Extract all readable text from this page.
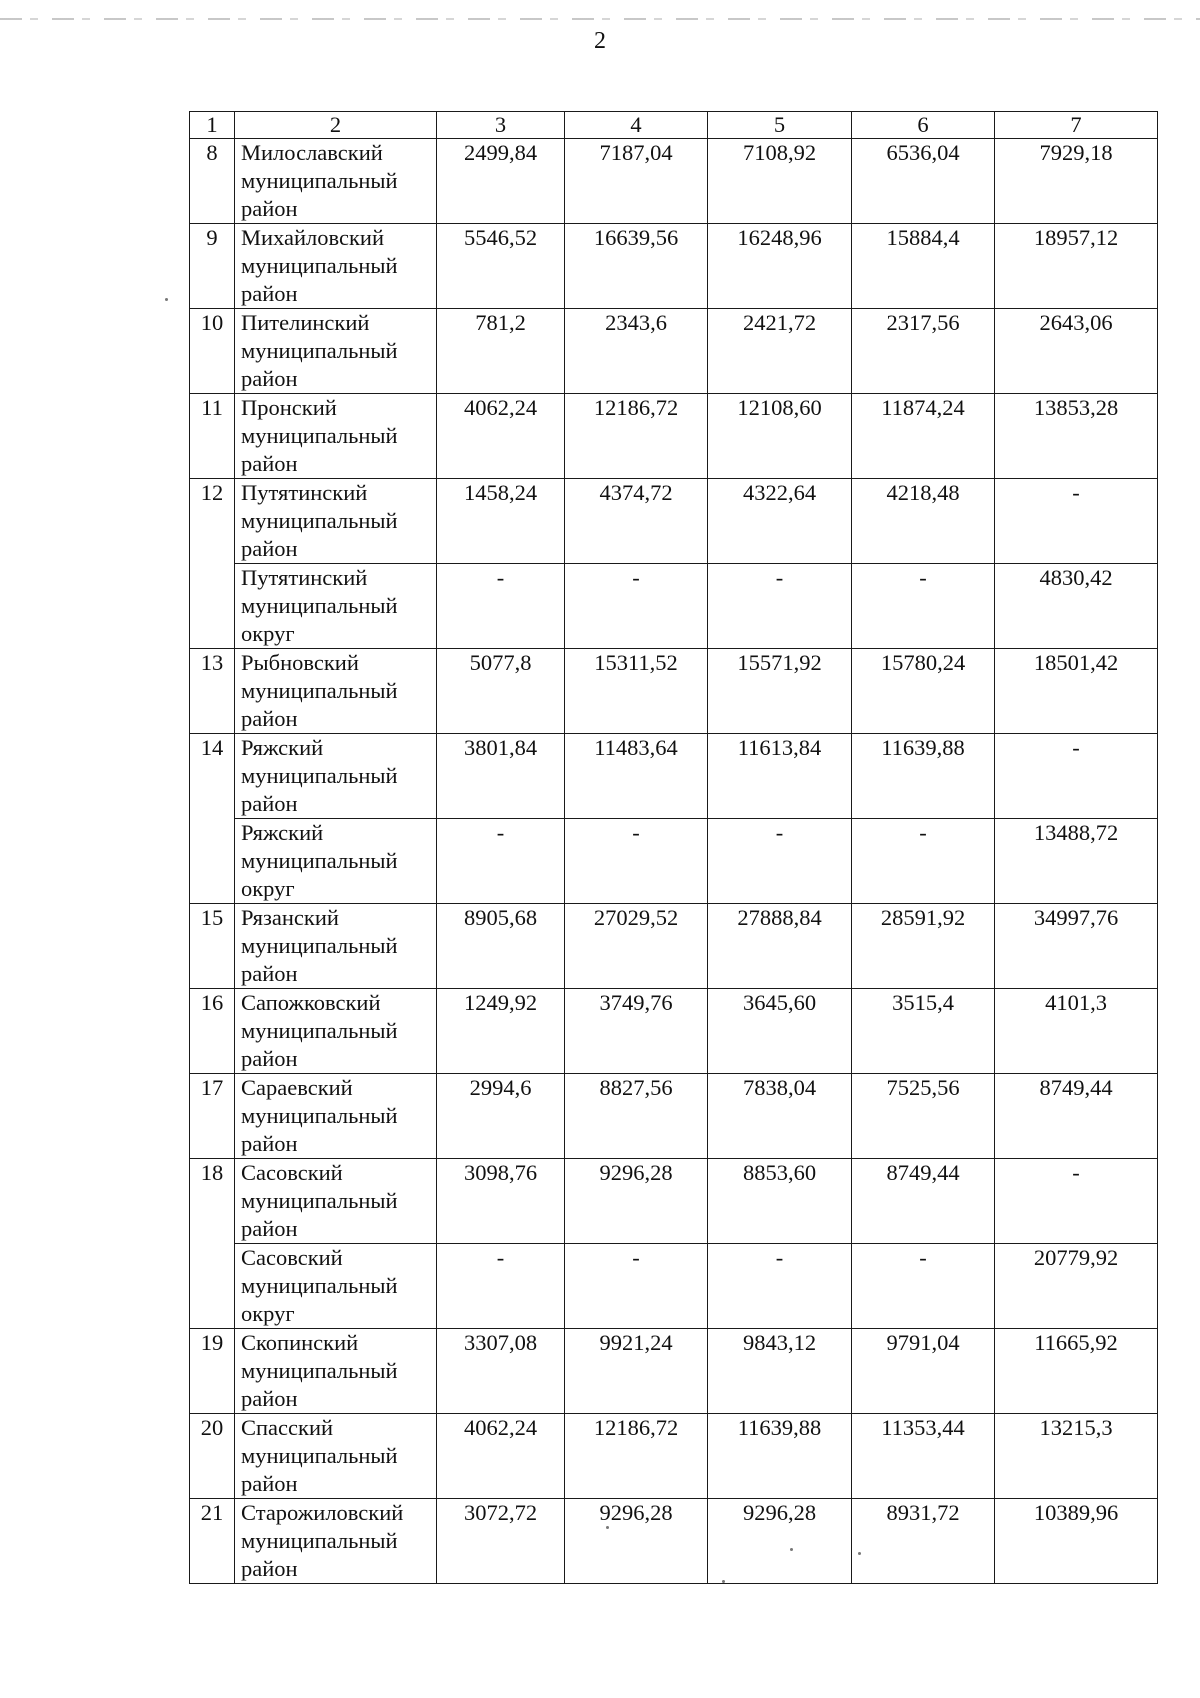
2
1	2	3	4	5	6	7
8	Милославский
муниципальный
район	2499,84	7187,04	7108,92	6536,04	7929,18
9	Михайловский
муниципальный
район	5546,52	16639,56	16248,96	15884,4	18957,12
10	Пителинский
муниципальный
район	781,2	2343,6	2421,72	2317,56	2643,06
11	Пронский
муниципальный
район	4062,24	12186,72	12108,60	11874,24	13853,28
12	Путятинский
муниципальный
район	1458,24	4374,72	4322,64	4218,48	-

	Путятинский
муниципальный
округ	-	-	-	-	4830,42
13	Рыбновский
муниципальный
район	5077,8	15311,52	15571,92	15780,24	18501,42
14	Ряжский
муниципальный
район	3801,84	11483,64	11613,84	11639,88	-

	Ряжский
муниципальный
округ	-	-	-	-	13488,72
15	Рязанский
муниципальный
район	8905,68	27029,52	27888,84	28591,92	34997,76
16	Сапожковский
муниципальный
район	1249,92	3749,76	3645,60	3515,4	4101,3
17	Сараевский
муниципальный
район	2994,6	8827,56	7838,04	7525,56	8749,44
18	Сасовский
муниципальный
район	3098,76	9296,28	8853,60	8749,44	-

	Сасовский
муниципальный
округ	-	-	-	-	20779,92
19	Скопинский
муниципальный
район	3307,08	9921,24	9843,12	9791,04	11665,92
20	Спасский
муниципальный
район	4062,24	12186,72	11639,88	11353,44	13215,3
21	Старожиловский
муниципальный
район	3072,72	9296,28	9296,28	8931,72	10389,96
